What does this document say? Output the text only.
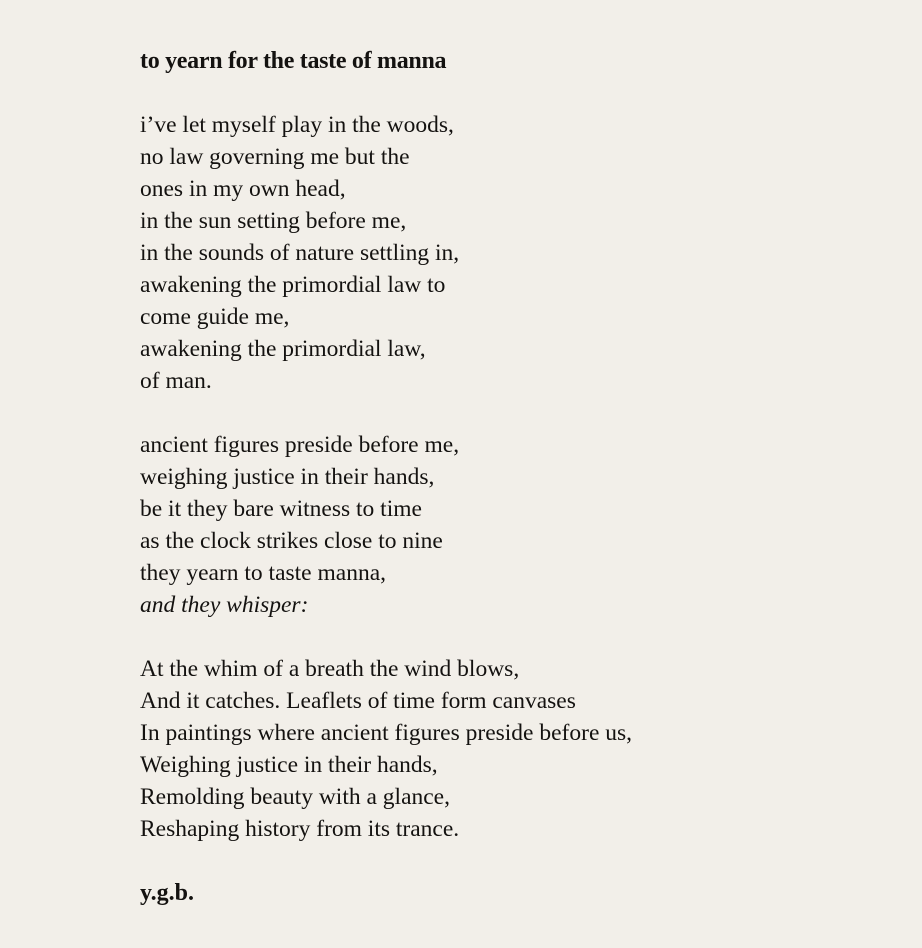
to yearn for the taste of manna
i’ve let myself play in the woods,
no law governing me but the
ones in my own head,
in the sun setting before me,
in the sounds of nature settling in,
awakening the primordial law to
come guide me,
awakening the primordial law,
of man.
ancient figures preside before me,
weighing justice in their hands,
be it they bare witness to time
as the clock strikes close to nine
they yearn to taste manna,
and they whisper:
At the whim of a breath the wind blows,
And it catches. Leaflets of time form canvases
In paintings where ancient figures preside before us,
Weighing justice in their hands,
Remolding beauty with a glance,
Reshaping history from its trance.
y.g.b.
